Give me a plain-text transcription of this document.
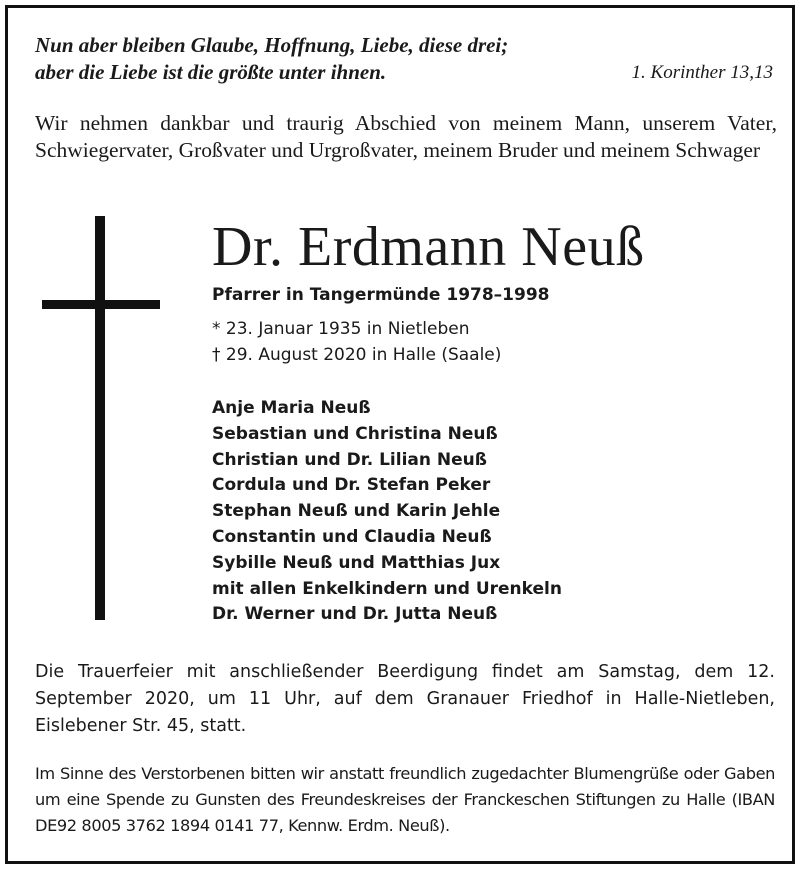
Nun aber bleiben Glaube, Hoffnung, Liebe, diese drei;
aber die Liebe ist die größte unter ihnen.	1. Korinther 13,13
Wir nehmen dankbar und traurig Abschied von meinem Mann, unserem Vater, Schwiegervater, Großvater und Urgroßvater, meinem Bruder und meinem Schwager
Dr. Erdmann Neuß
Pfarrer in Tangermünde 1978–1998
* 23. Januar 1935 in Nietleben
† 29. August 2020 in Halle (Saale)
Anje Maria Neuß
Sebastian und Christina Neuß
Christian und Dr. Lilian Neuß
Cordula und Dr. Stefan Peker
Stephan Neuß und Karin Jehle
Constantin und Claudia Neuß
Sybille Neuß und Matthias Jux
mit allen Enkelkindern und Urenkeln
Dr. Werner und Dr. Jutta Neuß
Die Trauerfeier mit anschließender Beerdigung findet am Samstag, dem 12. September 2020, um 11 Uhr, auf dem Granauer Friedhof in Halle-Nietleben, Eislebener Str. 45, statt.
Im Sinne des Verstorbenen bitten wir anstatt freundlich zugedachter Blumengrüße oder Gaben um eine Spende zu Gunsten des Freundeskreises der Franckeschen Stiftungen zu Halle (IBAN DE92 8005 3762 1894 0141 77, Kennw. Erdm. Neuß).
